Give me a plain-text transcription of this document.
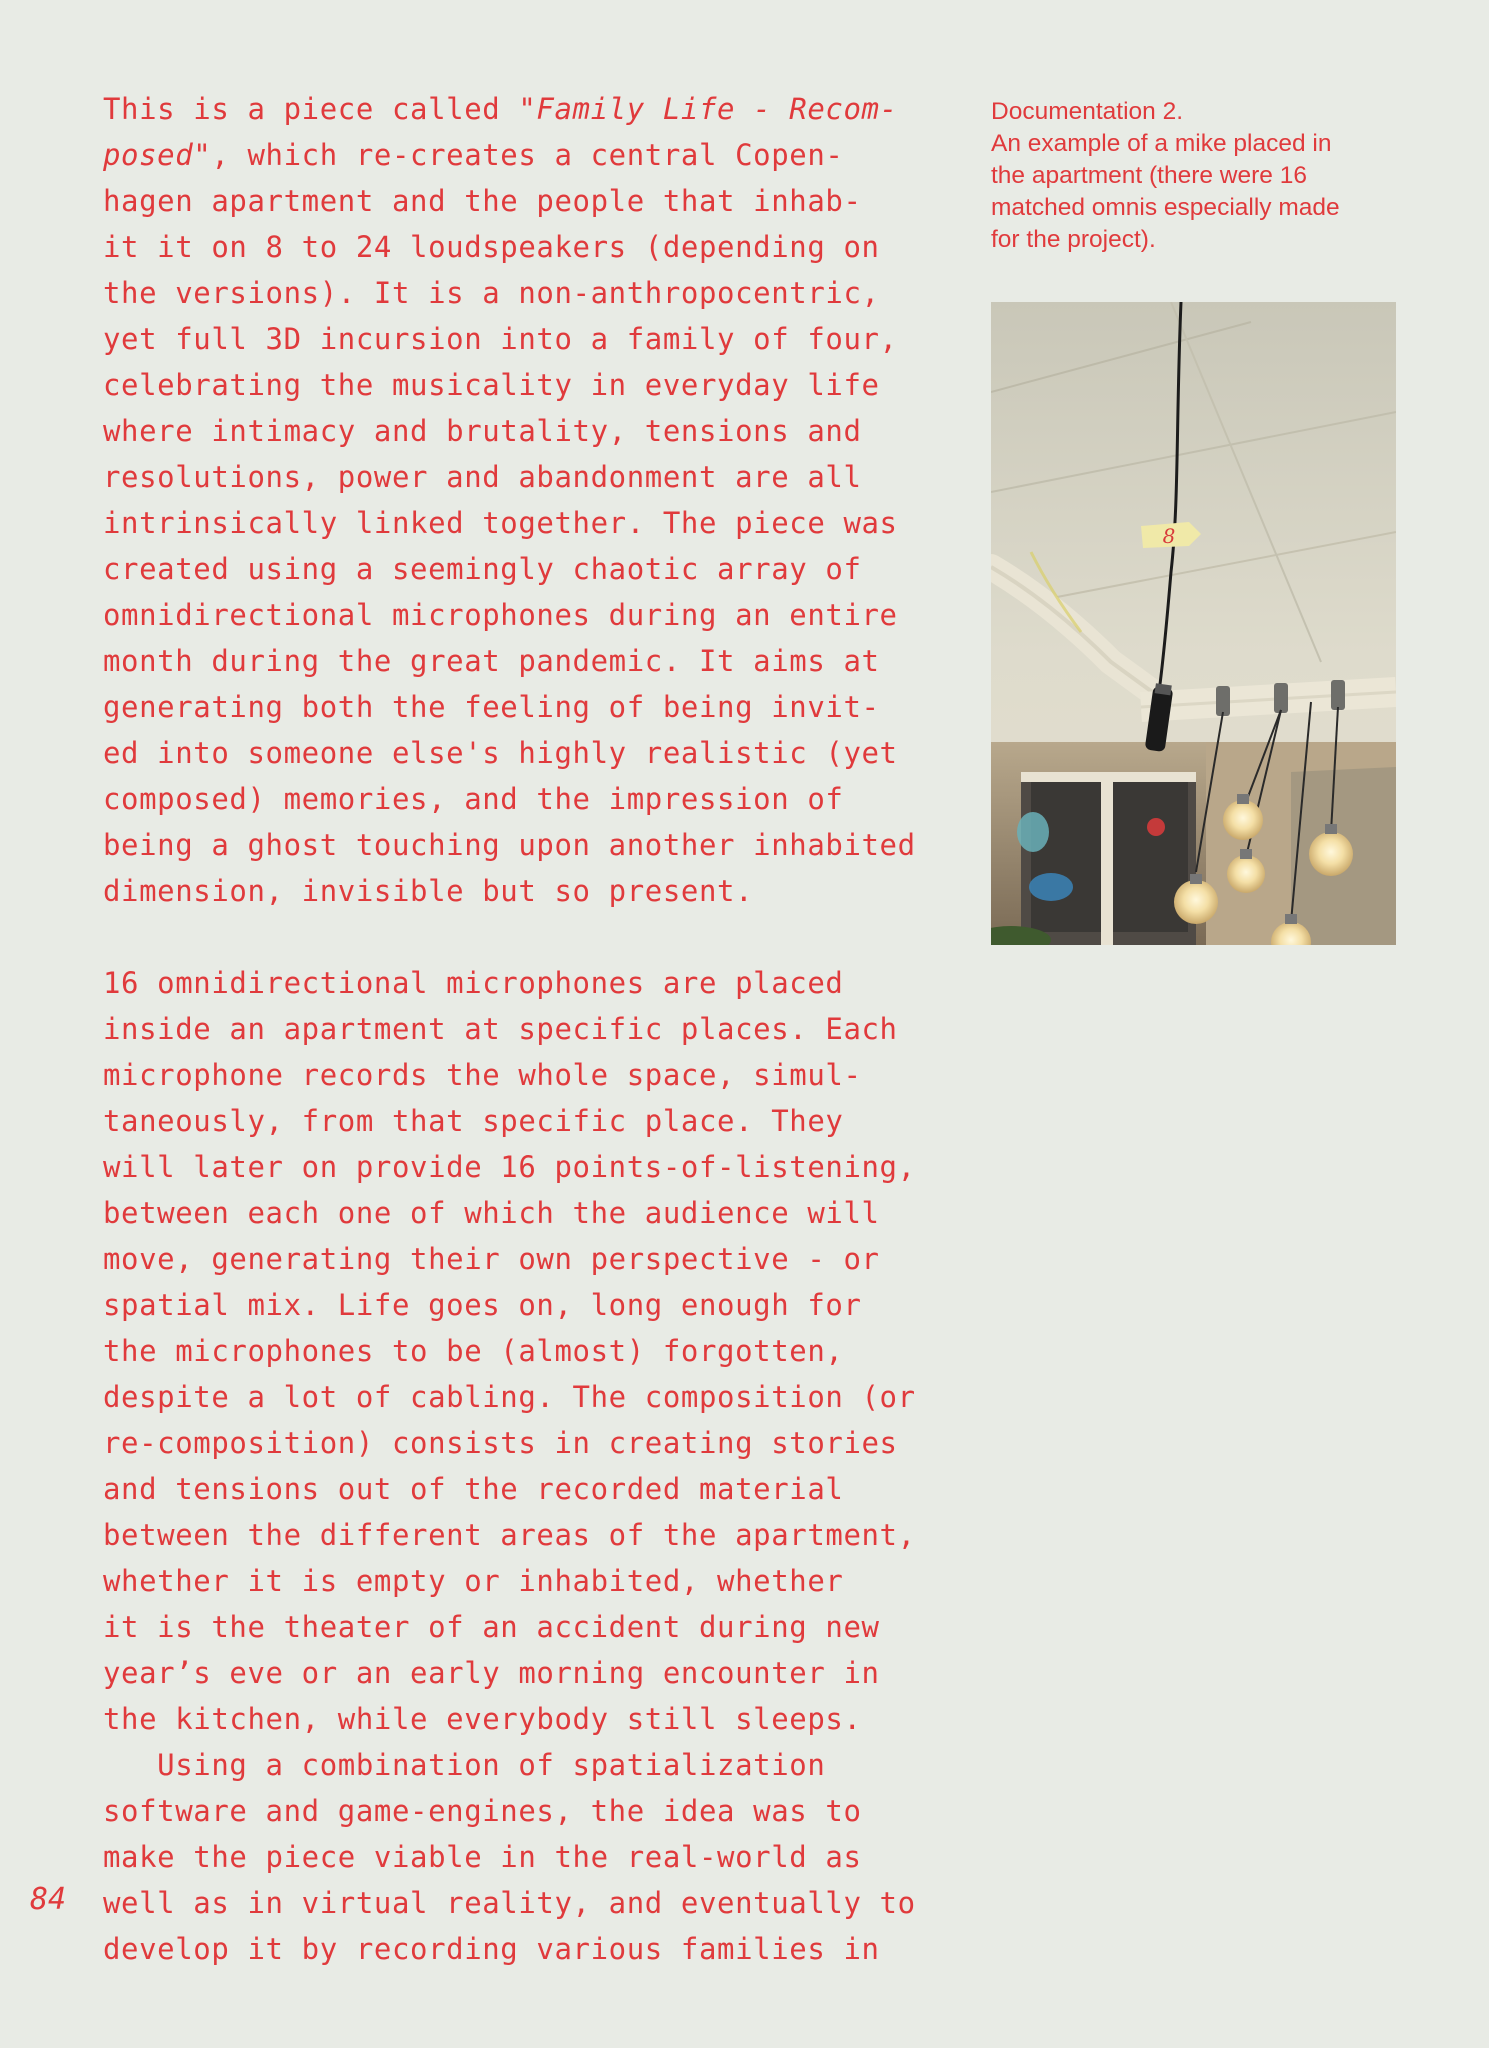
This is a piece called "Family Life - Recom-
posed", which re-creates a central Copen-
hagen apartment and the people that inhab-
it it on 8 to 24 loudspeakers (depending on
the versions). It is a non-anthropocentric,
yet full 3D incursion into a family of four,
celebrating the musicality in everyday life
where intimacy and brutality, tensions and
resolutions, power and abandonment are all
intrinsically linked together. The piece was
created using a seemingly chaotic array of
omnidirectional microphones during an entire
month during the great pandemic. It aims at
generating both the feeling of being invit-
ed into someone else's highly realistic (yet
composed) memories, and the impression of
being a ghost touching upon another inhabited
dimension, invisible but so present.
16 omnidirectional microphones are placed
inside an apartment at specific places. Each
microphone records the whole space, simul-
taneously, from that specific place. They
will later on provide 16 points-of-listening,
between each one of which the audience will
move, generating their own perspective - or
spatial mix. Life goes on, long enough for
the microphones to be (almost) forgotten,
despite a lot of cabling. The composition (or
re-composition) consists in creating stories
and tensions out of the recorded material
between the different areas of the apartment,
whether it is empty or inhabited, whether
it is the theater of an accident during new
year’s eve or an early morning encounter in
the kitchen, while everybody still sleeps.
Using a combination of spatialization
software and game-engines, the idea was to
make the piece viable in the real-world as
well as in virtual reality, and eventually to
develop it by recording various families in
Documentation 2.
An example of a mike placed in
the apartment (there were 16
matched omnis especially made
for the project).
8
84
